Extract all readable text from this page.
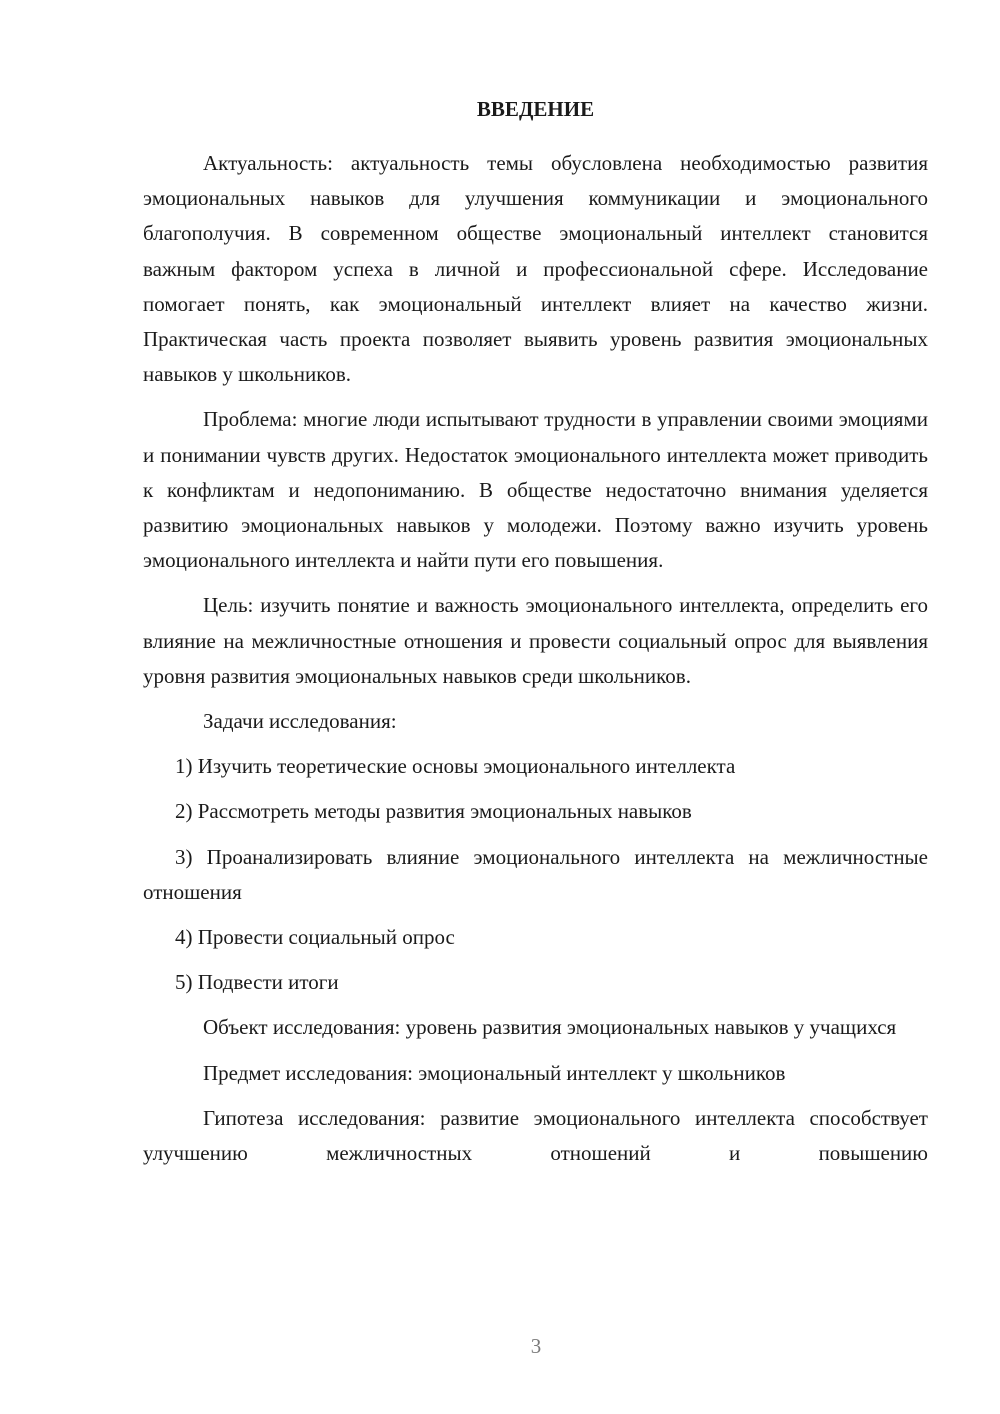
ВВЕДЕНИЕ

Актуальность: актуальность темы обусловлена необходимостью развития эмоциональных навыков для улучшения коммуникации и эмоционального благополучия. В современном обществе эмоциональный интеллект становится важным фактором успеха в личной и профессиональной сфере. Исследование помогает понять, как эмоциональный интеллект влияет на качество жизни. Практическая часть проекта позволяет выявить уровень развития эмоциональных навыков у школьников.

Проблема: многие люди испытывают трудности в управлении своими эмоциями и понимании чувств других. Недостаток эмоционального интеллекта может приводить к конфликтам и недопониманию. В обществе недостаточно внимания уделяется развитию эмоциональных навыков у молодежи. Поэтому важно изучить уровень эмоционального интеллекта и найти пути его повышения.

Цель: изучить понятие и важность эмоционального интеллекта, определить его влияние на межличностные отношения и провести социальный опрос для выявления уровня развития эмоциональных навыков среди школьников.

Задачи исследования:

1) Изучить теоретические основы эмоционального интеллекта

2) Рассмотреть методы развития эмоциональных навыков

3) Проанализировать влияние эмоционального интеллекта на межличностные отношения

4) Провести социальный опрос

5) Подвести итоги

Объект исследования: уровень развития эмоциональных навыков у учащихся

Предмет исследования: эмоциональный интеллект у школьников

Гипотеза исследования: развитие эмоционального интеллекта способствует улучшению межличностных отношений и повышению

3
